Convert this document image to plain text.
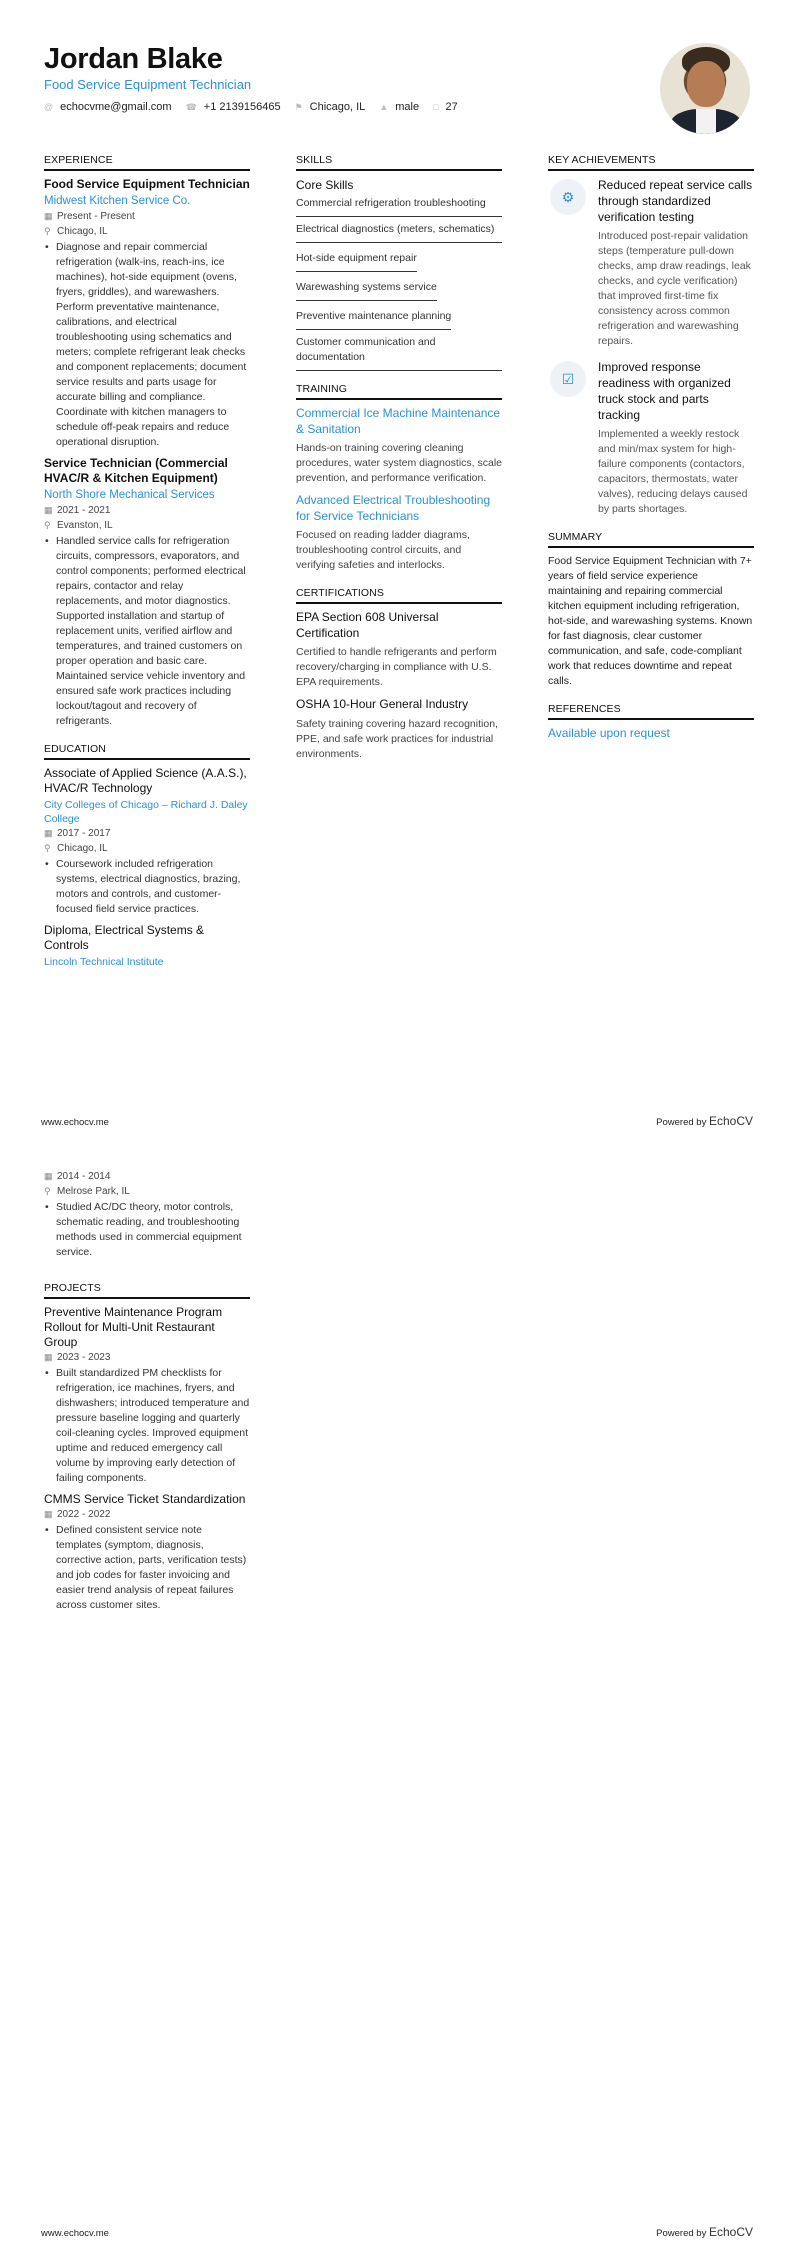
Jordan Blake
Food Service Equipment Technician
@ echocvme@gmail.com ☎ +1 2139156465 ⚑ Chicago, IL ▲ male □ 27
EXPERIENCE
Food Service Equipment Technician
Midwest Kitchen Service Co.
▦ Present - Present
⚲ Chicago, IL
• Diagnose and repair commercial refrigeration (walk-ins, reach-ins, ice machines), hot-side equipment (ovens, fryers, griddles), and warewashers. Perform preventative maintenance, calibrations, and electrical troubleshooting using schematics and meters; complete refrigerant leak checks and component replacements; document service results and parts usage for accurate billing and compliance. Coordinate with kitchen managers to schedule off-peak repairs and reduce operational disruption.
Service Technician (Commercial HVAC/R & Kitchen Equipment)
North Shore Mechanical Services
▦ 2021 - 2021
⚲ Evanston, IL
• Handled service calls for refrigeration circuits, compressors, evaporators, and control components; performed electrical repairs, contactor and relay replacements, and motor diagnostics. Supported installation and startup of replacement units, verified airflow and temperatures, and trained customers on proper operation and basic care. Maintained service vehicle inventory and ensured safe work practices including lockout/tagout and recovery of refrigerants.
EDUCATION
Associate of Applied Science (A.A.S.), HVAC/R Technology
City Colleges of Chicago – Richard J. Daley College
▦ 2017 - 2017
⚲ Chicago, IL
• Coursework included refrigeration systems, electrical diagnostics, brazing, motors and controls, and customer-focused field service practices.
Diploma, Electrical Systems & Controls
Lincoln Technical Institute
SKILLS
Core Skills
Commercial refrigeration troubleshooting
Electrical diagnostics (meters, schematics)
Hot-side equipment repair
Warewashing systems service
Preventive maintenance planning
Customer communication and documentation
TRAINING
Commercial Ice Machine Maintenance & Sanitation
Hands-on training covering cleaning procedures, water system diagnostics, scale prevention, and performance verification.
Advanced Electrical Troubleshooting for Service Technicians
Focused on reading ladder diagrams, troubleshooting control circuits, and verifying safeties and interlocks.
CERTIFICATIONS
EPA Section 608 Universal Certification
Certified to handle refrigerants and perform recovery/charging in compliance with U.S. EPA requirements.
OSHA 10-Hour General Industry
Safety training covering hazard recognition, PPE, and safe work practices for industrial environments.
KEY ACHIEVEMENTS
⚙
Reduced repeat service calls through standardized verification testing
Introduced post-repair validation steps (temperature pull-down checks, amp draw readings, leak checks, and cycle verification) that improved first-time fix consistency across common refrigeration and warewashing repairs.
☑
Improved response readiness with organized truck stock and parts tracking
Implemented a weekly restock and min/max system for high-failure components (contactors, capacitors, thermostats, water valves), reducing delays caused by parts shortages.
SUMMARY
Food Service Equipment Technician with 7+ years of field service experience maintaining and repairing commercial kitchen equipment including refrigeration, hot-side, and warewashing systems. Known for fast diagnosis, clear customer communication, and safe, code-compliant work that reduces downtime and repeat calls.
REFERENCES
Available upon request
www.echocv.me	Powered by EchoCV
▦ 2014 - 2014
⚲ Melrose Park, IL
• Studied AC/DC theory, motor controls, schematic reading, and troubleshooting methods used in commercial equipment service.
PROJECTS
Preventive Maintenance Program Rollout for Multi-Unit Restaurant Group
▦ 2023 - 2023
• Built standardized PM checklists for refrigeration, ice machines, fryers, and dishwashers; introduced temperature and pressure baseline logging and quarterly coil-cleaning cycles. Improved equipment uptime and reduced emergency call volume by improving early detection of failing components.
CMMS Service Ticket Standardization
▦ 2022 - 2022
• Defined consistent service note templates (symptom, diagnosis, corrective action, parts, verification tests) and job codes for faster invoicing and easier trend analysis of repeat failures across customer sites.
www.echocv.me	Powered by EchoCV
